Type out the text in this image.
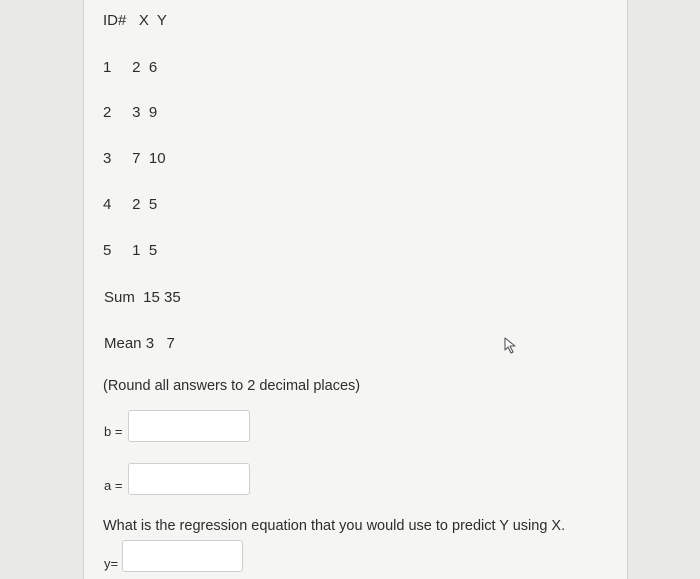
ID#   X  Y
1     2  6
2     3  9
3     7  10
4     2  5
5     1  5
Sum  15 35
Mean 3   7
(Round all answers to 2 decimal places)
b =
a =
What is the regression equation that you would use to predict Y using X.
y=
